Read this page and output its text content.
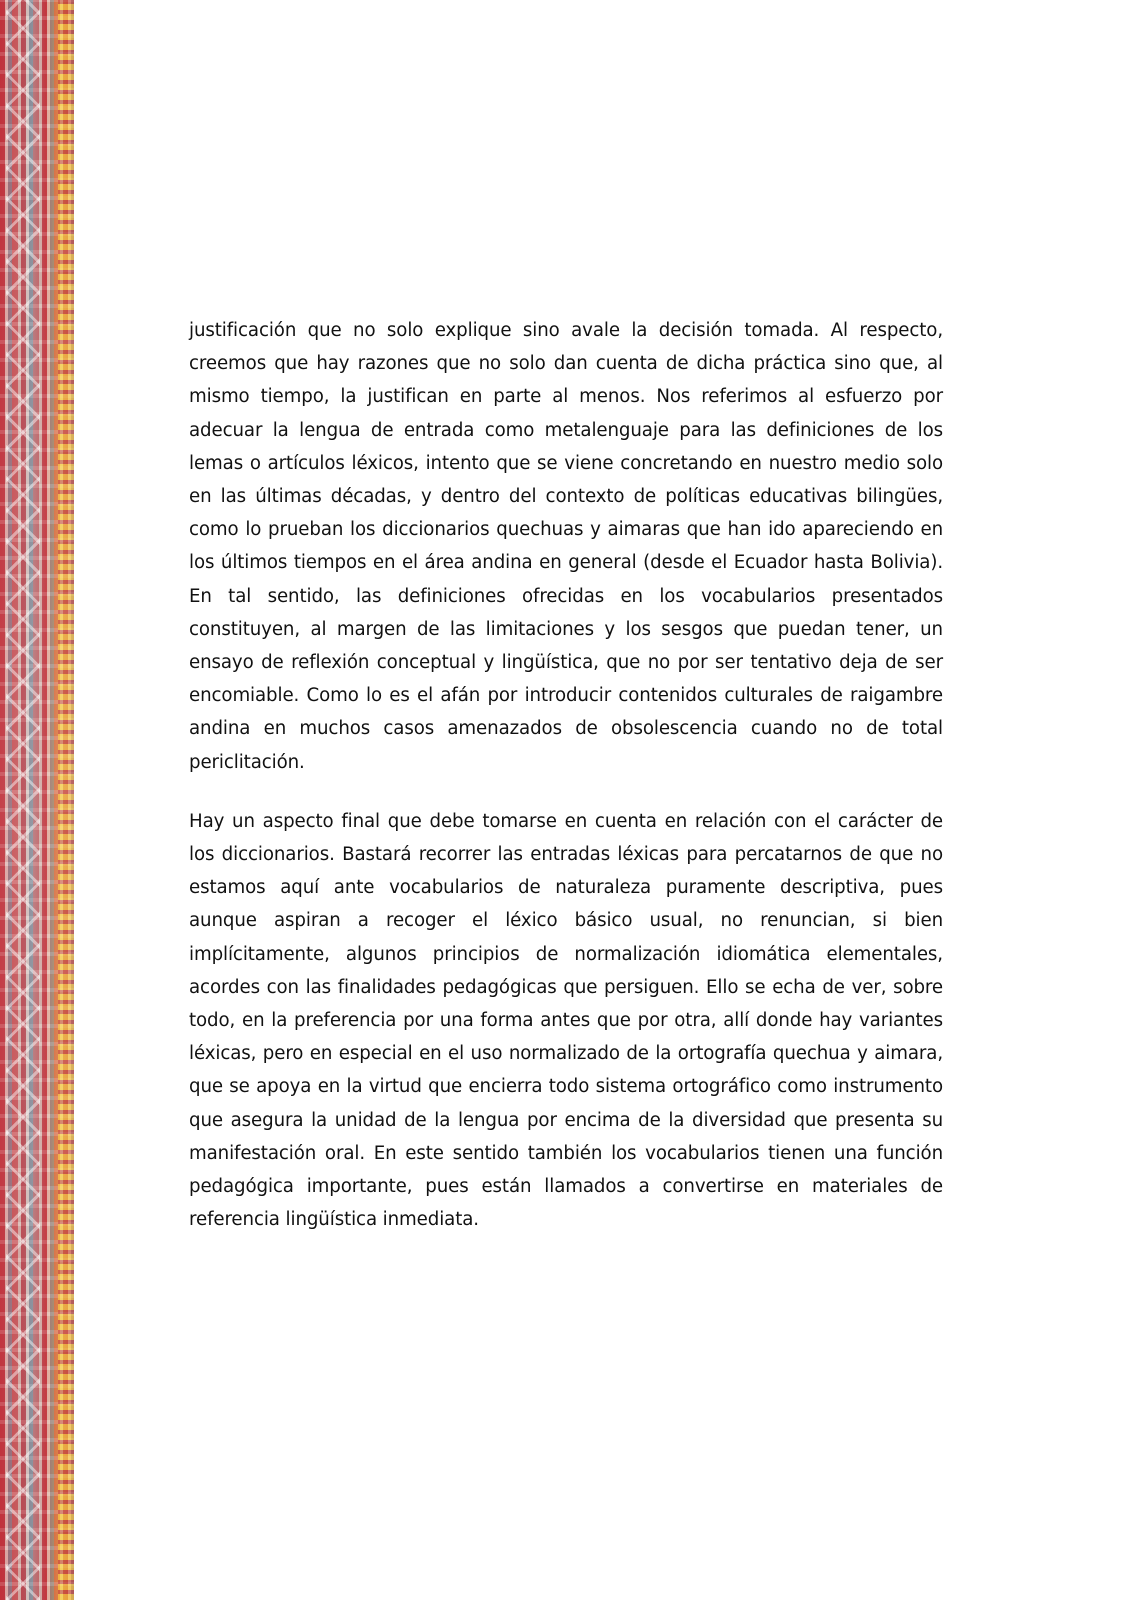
justificación que no solo explique sino avale la decisión tomada. Al respecto, creemos que hay razones que no solo dan cuenta de dicha práctica sino que, al mismo tiempo, la justifican en parte al menos. Nos referimos al esfuerzo por adecuar la lengua de entrada como metalenguaje para las definiciones de los lemas o artículos léxicos, intento que se viene concretando en nuestro medio solo en las últimas décadas, y dentro del contexto de políticas educativas bilingües, como lo prueban los diccionarios quechuas y aimaras que han ido apareciendo en los últimos tiempos en el área andina en general (desde el Ecuador hasta Bolivia). En tal sentido, las definiciones ofrecidas en los vocabularios presentados constituyen, al margen de las limitaciones y los sesgos que puedan tener, un ensayo de reflexión conceptual y lingüística, que no por ser tentativo deja de ser encomiable. Como lo es el afán por introducir contenidos culturales de raigambre andina en muchos casos amenazados de obsolescencia cuando no de total periclitación.

Hay un aspecto final que debe tomarse en cuenta en relación con el carácter de los diccionarios. Bastará recorrer las entradas léxicas para percatarnos de que no estamos aquí ante vocabularios de naturaleza puramente descriptiva, pues aunque aspiran a recoger el léxico básico usual, no renuncian, si bien implícitamente, algunos principios de normalización idiomática elementales, acordes con las finalidades pedagógicas que persiguen. Ello se echa de ver, sobre todo, en la preferencia por una forma antes que por otra, allí donde hay variantes léxicas, pero en especial en el uso normalizado de la ortografía quechua y aimara, que se apoya en la virtud que encierra todo sistema ortográfico como instrumento que asegura la unidad de la lengua por encima de la diversidad que presenta su manifestación oral. En este sentido también los vocabularios tienen una función pedagógica importante, pues están llamados a convertirse en materiales de referencia lingüística inmediata.
